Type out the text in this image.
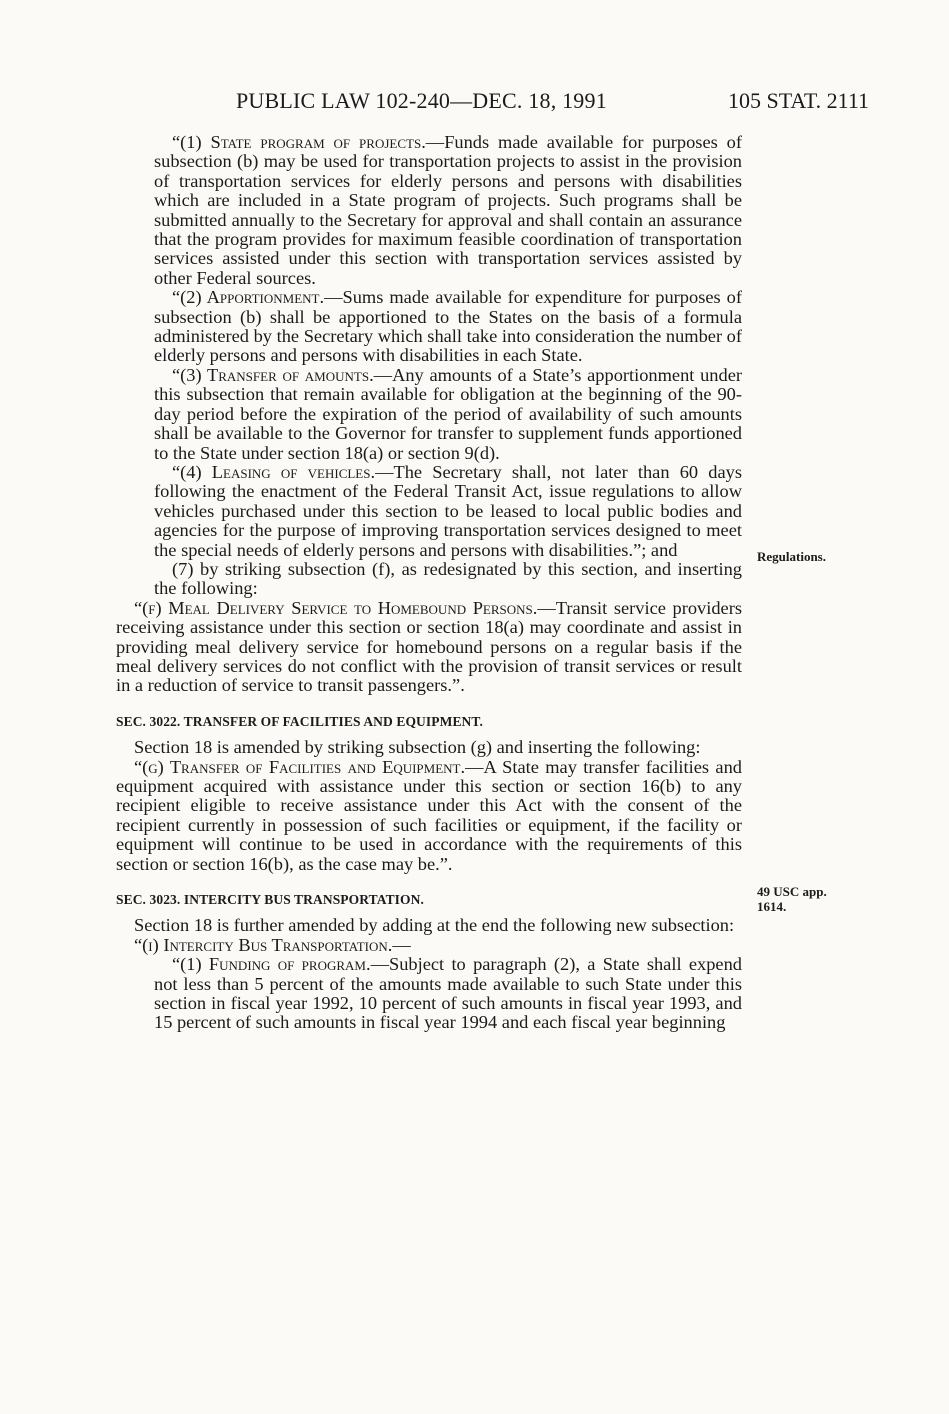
PUBLIC LAW 102-240—DEC. 18, 1991	105 STAT. 2111
Regulations.
49 USC app. 1614.

“(1) State program of projects.—Funds made available for purposes of subsection (b) may be used for transportation projects to assist in the provision of transportation services for elderly persons and persons with disabilities which are included in a State program of projects. Such programs shall be submitted annually to the Secretary for approval and shall contain an assurance that the program provides for maximum feasible coordination of transportation services assisted under this section with transportation services assisted by other Federal sources.

“(2) Apportionment.—Sums made available for expenditure for purposes of subsection (b) shall be apportioned to the States on the basis of a formula administered by the Secretary which shall take into consideration the number of elderly persons and persons with disabilities in each State.

“(3) Transfer of amounts.—Any amounts of a State’s apportionment under this subsection that remain available for obligation at the beginning of the 90-day period before the expiration of the period of availability of such amounts shall be available to the Governor for transfer to supplement funds apportioned to the State under section 18(a) or section 9(d).

“(4) Leasing of vehicles.—The Secretary shall, not later than 60 days following the enactment of the Federal Transit Act, issue regulations to allow vehicles purchased under this section to be leased to local public bodies and agencies for the purpose of improving transportation services designed to meet the special needs of elderly persons and persons with disabilities.”; and

(7) by striking subsection (f), as redesignated by this section, and inserting the following:

“(f) Meal Delivery Service to Homebound Persons.—Transit service providers receiving assistance under this section or section 18(a) may coordinate and assist in providing meal delivery service for homebound persons on a regular basis if the meal delivery services do not conflict with the provision of transit services or result in a reduction of service to transit passengers.”.

SEC. 3022. TRANSFER OF FACILITIES AND EQUIPMENT.

Section 18 is amended by striking subsection (g) and inserting the following:

“(g) Transfer of Facilities and Equipment.—A State may transfer facilities and equipment acquired with assistance under this section or section 16(b) to any recipient eligible to receive assistance under this Act with the consent of the recipient currently in possession of such facilities or equipment, if the facility or equipment will continue to be used in accordance with the requirements of this section or section 16(b), as the case may be.”.

SEC. 3023. INTERCITY BUS TRANSPORTATION.

Section 18 is further amended by adding at the end the following new subsection:

“(i) Intercity Bus Transportation.—

“(1) Funding of program.—Subject to paragraph (2), a State shall expend not less than 5 percent of the amounts made available to such State under this section in fiscal year 1992, 10 percent of such amounts in fiscal year 1993, and 15 percent of such amounts in fiscal year 1994 and each fiscal year beginning
